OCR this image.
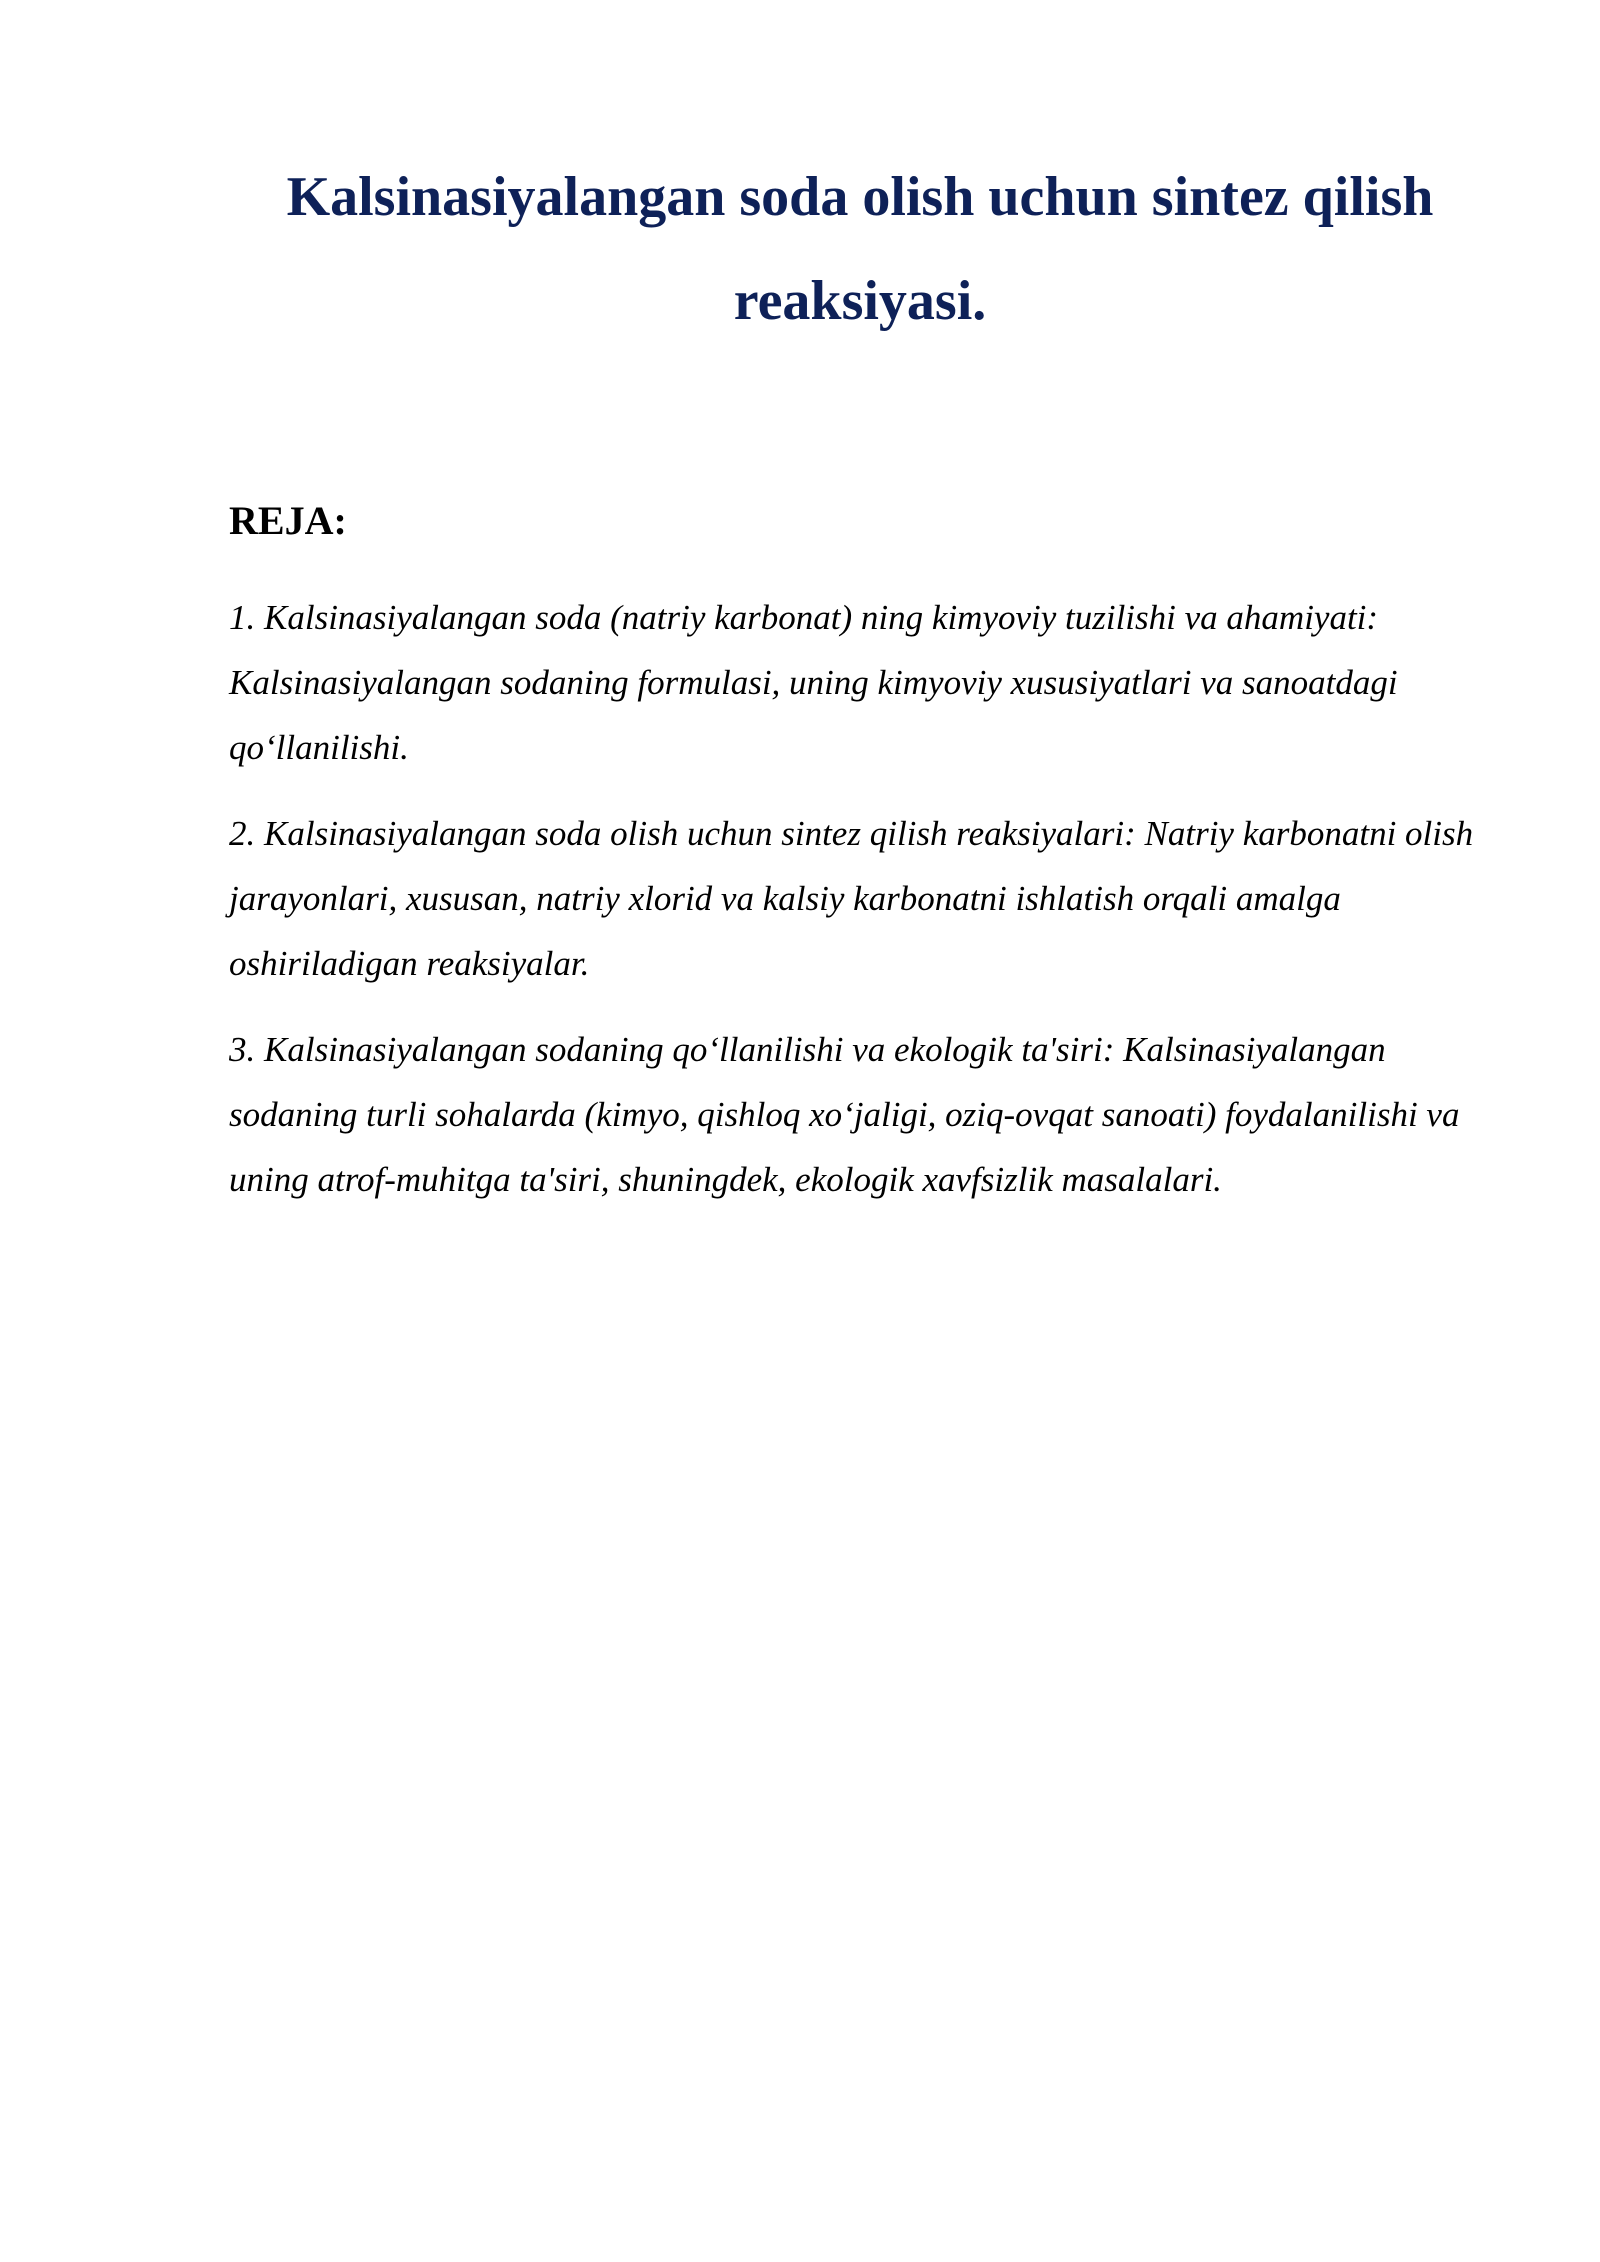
Kalsinasiyalangan soda olish uchun sintez qilish reaksiyasi.
REJA:
1. Kalsinasiyalangan soda (natriy karbonat) ning kimyoviy tuzilishi va ahamiyati: Kalsinasiyalangan sodaning formulasi, uning kimyoviy xususiyatlari va sanoatdagi qo‘llanilishi.
2. Kalsinasiyalangan soda olish uchun sintez qilish reaksiyalari: Natriy karbonatni olish jarayonlari, xususan, natriy xlorid va kalsiy karbonatni ishlatish orqali amalga oshiriladigan reaksiyalar.
3. Kalsinasiyalangan sodaning qo‘llanilishi va ekologik ta'siri: Kalsinasiyalangan sodaning turli sohalarda (kimyo, qishloq xo‘jaligi, oziq-ovqat sanoati) foydalanilishi va uning atrof-muhitga ta'siri, shuningdek, ekologik xavfsizlik masalalari.
